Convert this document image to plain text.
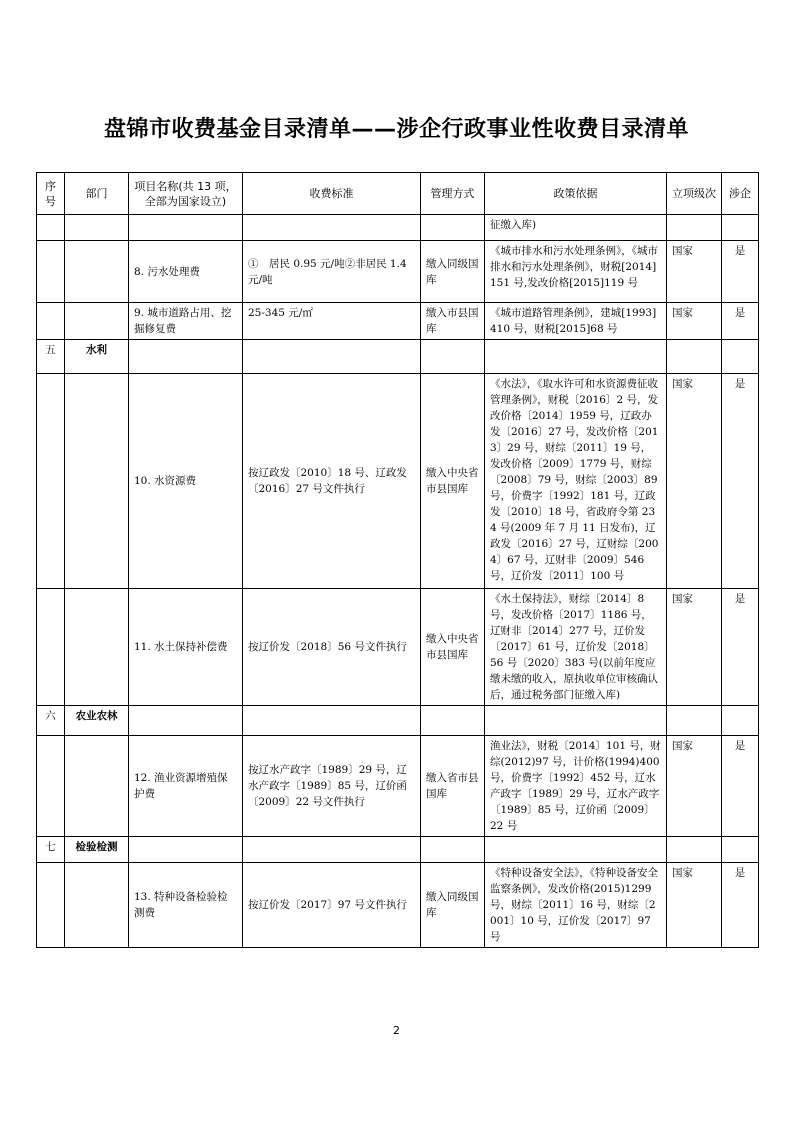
盘锦市收费基金目录清单——涉企行政事业性收费目录清单
序号	部门	项目名称(共 13 项，全部为国家设立)	收费标准	管理方式	政策依据	立项级次	涉企
					征缴入库)		
		8. 污水处理费	①　居民 0.95 元/吨②非居民 1.4 元/吨	缴入同级国库	《城市排水和污水处理条例》，《城市排水和污水处理条例》，财税[2014]151 号,发改价格[2015]119 号	国家	是
		9. 城市道路占用、挖掘修复费	25-345 元/㎡	缴入市县国库	《城市道路管理条例》，建城[1993]410 号，财税[2015]68 号	国家	是
五	水利						
		10. 水资源费	按辽政发〔2010〕18 号、辽政发〔2016〕27 号文件执行	缴入中央省市县国库	《水法》，《取水许可和水资源费征收管理条例》，财税〔2016〕2 号，发改价格〔2014〕1959 号，辽政办发〔2016〕27 号，发改价格〔2013〕29 号，财综〔2011〕19 号，发改价格〔2009〕1779 号，财综〔2008〕79 号，财综〔2003〕89 号，价费字〔1992〕181 号，辽政发〔2010〕18 号，省政府令第 234 号(2009 年 7 月 11 日发布)，辽政发〔2016〕27 号，辽财综〔2004〕67 号，辽财非〔2009〕546 号，辽价发〔2011〕100 号	国家	是
		11. 水土保持补偿费	按辽价发〔2018〕56 号文件执行	缴入中央省市县国库	《水土保持法》，财综〔2014〕8 号，发改价格〔2017〕1186 号，辽财非〔2014〕277 号，辽价发〔2017〕61 号，辽价发〔2018〕56 号〔2020〕383 号(以前年度应缴未缴的收入，原执收单位审核确认后，通过税务部门征缴入库)	国家	是
六	农业农林						
		12. 渔业资源增殖保护费	按辽水产政字〔1989〕29 号，辽水产政字〔1989〕85 号，辽价函〔2009〕22 号文件执行	缴入省市县国库	渔业法》，财税〔2014〕101 号，财综(2012)97 号，计价格(1994)400 号，价费字〔1992〕452 号，辽水产政字〔1989〕29 号，辽水产政字〔1989〕85 号，辽价函〔2009〕22 号	国家	是
七	检验检测						
		13. 特种设备检验检测费	按辽价发〔2017〕97 号文件执行	缴入同级国库	《特种设备安全法》，《特种设备安全监察条例》，发改价格(2015)1299 号，财综〔2011〕16 号，财综〔2001〕10 号，辽价发〔2017〕97 号	国家	是
2
